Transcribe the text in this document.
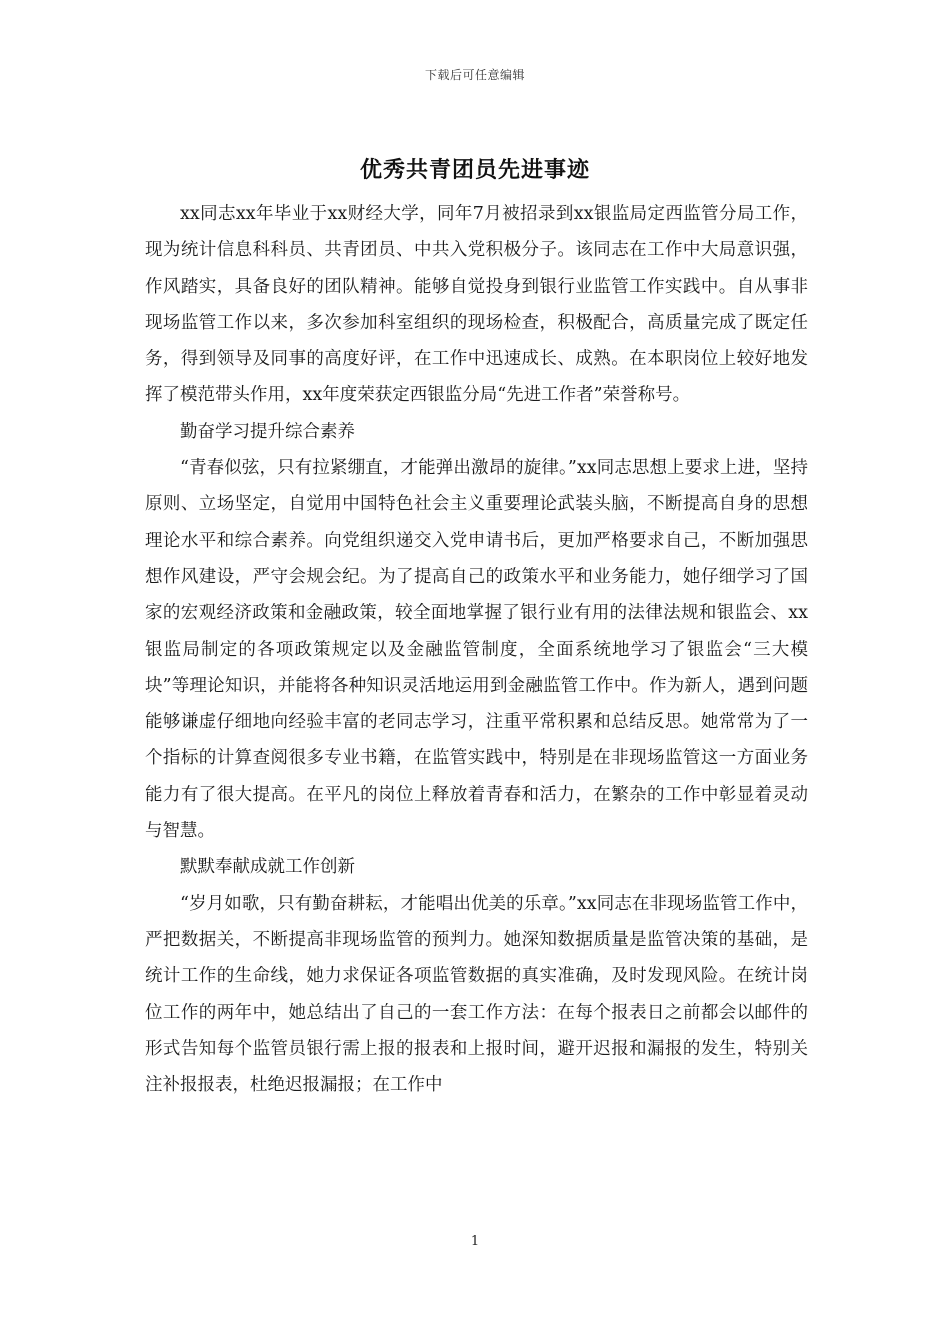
下载后可任意编辑
优秀共青团员先进事迹

xx同志xx年毕业于xx财经大学，同年7月被招录到xx银监局定西监管分局工作，现为统计信息科科员、共青团员、中共入党积极分子。该同志在工作中大局意识强，作风踏实，具备良好的团队精神。能够自觉投身到银行业监管工作实践中。自从事非现场监管工作以来，多次参加科室组织的现场检查，积极配合，高质量完成了既定任务，得到领导及同事的高度好评，在工作中迅速成长、成熟。在本职岗位上较好地发挥了模范带头作用，xx年度荣获定西银监分局“先进工作者”荣誉称号。

勤奋学习提升综合素养

“青春似弦，只有拉紧绷直，才能弹出激昂的旋律。”xx同志思想上要求上进，坚持原则、立场坚定，自觉用中国特色社会主义重要理论武装头脑，不断提高自身的思想理论水平和综合素养。向党组织递交入党申请书后，更加严格要求自己，不断加强思想作风建设，严守会规会纪。为了提高自己的政策水平和业务能力，她仔细学习了国家的宏观经济政策和金融政策，较全面地掌握了银行业有用的法律法规和银监会、xx银监局制定的各项政策规定以及金融监管制度，全面系统地学习了银监会“三大模块”等理论知识，并能将各种知识灵活地运用到金融监管工作中。作为新人，遇到问题能够谦虚仔细地向经验丰富的老同志学习，注重平常积累和总结反思。她常常为了一个指标的计算查阅很多专业书籍，在监管实践中，特别是在非现场监管这一方面业务能力有了很大提高。在平凡的岗位上释放着青春和活力，在繁杂的工作中彰显着灵动与智慧。

默默奉献成就工作创新

“岁月如歌，只有勤奋耕耘，才能唱出优美的乐章。”xx同志在非现场监管工作中，严把数据关，不断提高非现场监管的预判力。她深知数据质量是监管决策的基础，是统计工作的生命线，她力求保证各项监管数据的真实准确，及时发现风险。在统计岗位工作的两年中，她总结出了自己的一套工作方法：在每个报表日之前都会以邮件的形式告知每个监管员银行需上报的报表和上报时间，避开迟报和漏报的发生，特别关注补报报表，杜绝迟报漏报；在工作中

1
